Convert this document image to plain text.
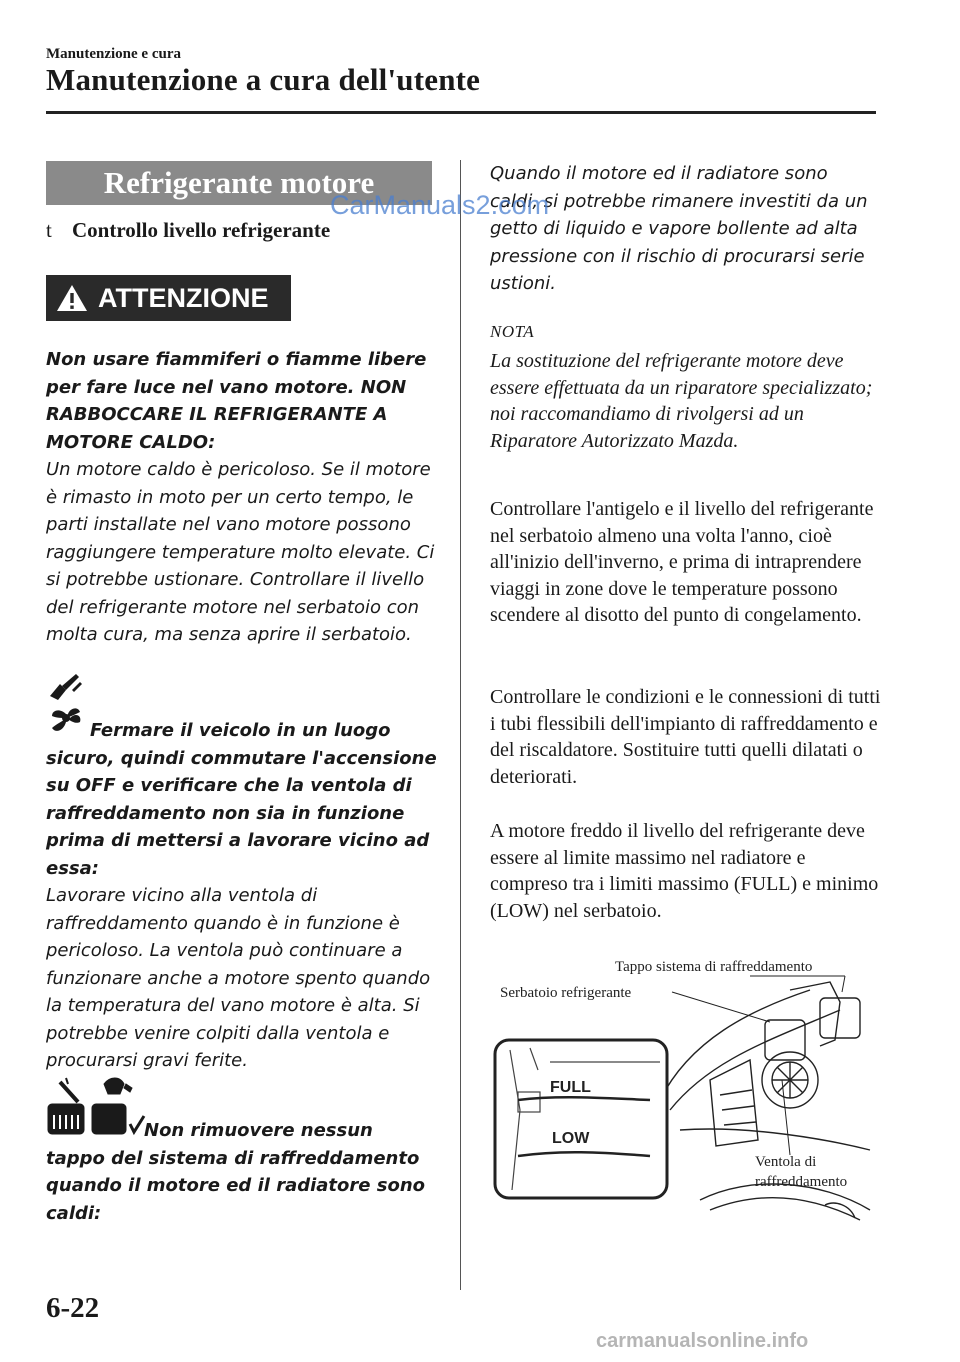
Manutenzione e cura
Manutenzione a cura dell'utente
Refrigerante motore
t Controllo livello refrigerante
ATTENZIONE
Non usare fiammiferi o fiamme libere per fare luce nel vano motore. NON RABBOCCARE IL REFRIGERANTE A MOTORE CALDO:
Un motore caldo è pericoloso. Se il motore è rimasto in moto per un certo tempo, le parti installate nel vano motore possono raggiungere temperature molto elevate. Ci si potrebbe ustionare. Controllare il livello del refrigerante motore nel serbatoio con molta cura, ma senza aprire il serbatoio.
Fermare il veicolo in un luogo sicuro, quindi commutare l'accensione su OFF e verificare che la ventola di raffreddamento non sia in funzione prima di mettersi a lavorare vicino ad essa:
Lavorare vicino alla ventola di raffreddamento quando è in funzione è pericoloso. La ventola può continuare a funzionare anche a motore spento quando la temperatura del vano motore è alta. Si potrebbe venire colpiti dalla ventola e procurarsi gravi ferite.
Non rimuovere nessun tappo del sistema di raffreddamento quando il motore ed il radiatore sono caldi:
Quando il motore ed il radiatore sono caldi, si potrebbe rimanere investiti da un getto di liquido e vapore bollente ad alta pressione con il rischio di procurarsi serie ustioni.
NOTA
La sostituzione del refrigerante motore deve essere effettuata da un riparatore specializzato; noi raccomandiamo di rivolgersi ad un Riparatore Autorizzato Mazda.
Controllare l'antigelo e il livello del refrigerante nel serbatoio almeno una volta l'anno, cioè all'inizio dell'inverno, e prima di intraprendere viaggi in zone dove le temperature possono scendere al disotto del punto di congelamento.
Controllare le condizioni e le connessioni di tutti i tubi flessibili dell'impianto di raffreddamento e del riscaldatore. Sostituire tutti quelli dilatati o deteriorati.
A motore freddo il livello del refrigerante deve essere al limite massimo nel radiatore e compreso tra i limiti massimo (FULL) e minimo (LOW) nel serbatoio.
FULL
LOW
Tappo sistema di raffreddamento
Serbatoio refrigerante
Ventola di
raffreddamento
6-22
CarManuals2.com
carmanualsonline.info
